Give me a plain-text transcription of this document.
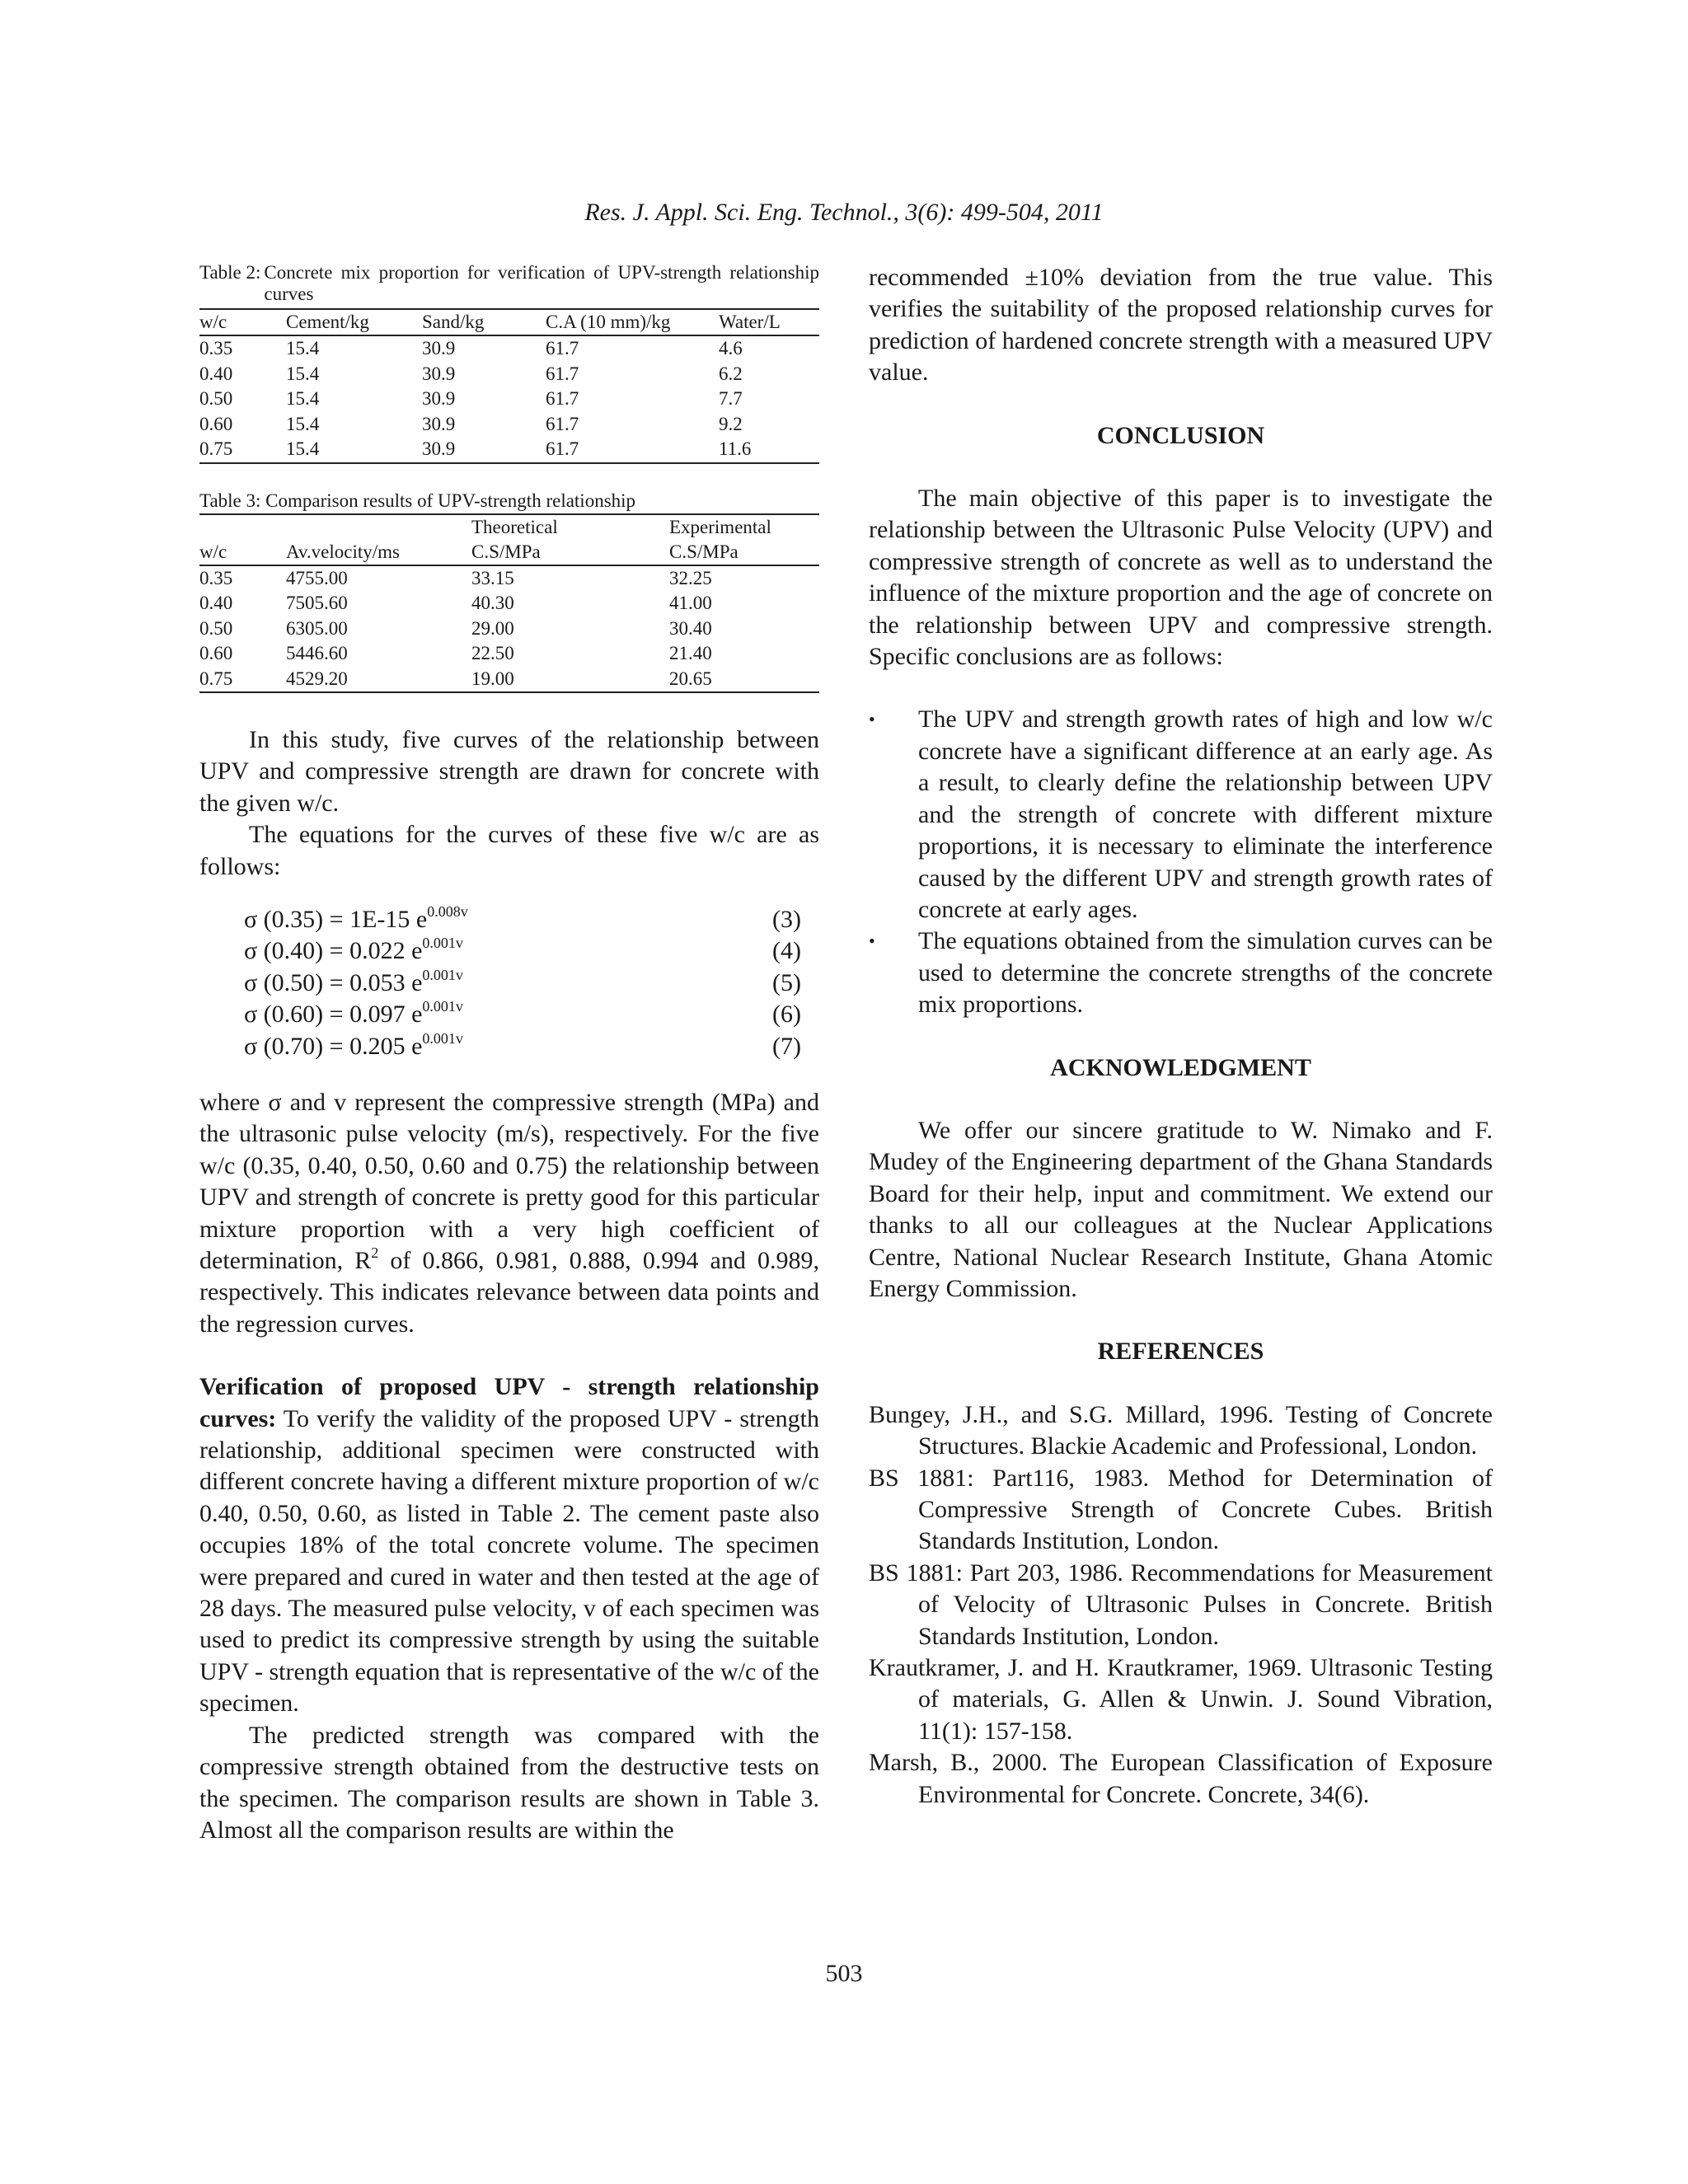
Res. J. Appl. Sci. Eng. Technol., 3(6): 499-504, 2011
Table 2: Concrete mix proportion for verification of UPV-strength relationship curves
w/c	Cement/kg	Sand/kg	C.A (10 mm)/kg	Water/L
0.35	15.4	30.9	61.7	4.6
0.40	15.4	30.9	61.7	6.2
0.50	15.4	30.9	61.7	7.7
0.60	15.4	30.9	61.7	9.2
0.75	15.4	30.9	61.7	11.6
Table 3: Comparison results of UPV-strength relationship
		Theoretical	Experimental
w/c	Av.velocity/ms	C.S/MPa	C.S/MPa
0.35	4755.00	33.15	32.25
0.40	7505.60	40.30	41.00
0.50	6305.00	29.00	30.40
0.60	5446.60	22.50	21.40
0.75	4529.20	19.00	20.65

In this study, five curves of the relationship between UPV and compressive strength are drawn for concrete with the given w/c.

The equations for the curves of these five w/c are as follows:

σ (0.35) = 1E-15 $e^{0.008v}$	(3)
σ (0.40) = 0.022 $e^{0.001v}$	(4)
σ (0.50) = 0.053 $e^{0.001v}$	(5)
σ (0.60) = 0.097 $e^{0.001v}$	(6)
σ (0.70) = 0.205 $e^{0.001v}$	(7)

where σ and v represent the compressive strength (MPa) and the ultrasonic pulse velocity (m/s), respectively. For the five w/c (0.35, 0.40, 0.50, 0.60 and 0.75) the relationship between UPV and strength of concrete is pretty good for this particular mixture proportion with a very high coefficient of determination, $R^2$ of 0.866, 0.981, 0.888, 0.994 and 0.989, respectively. This indicates relevance between data points and the regression curves.

Verification of proposed UPV - strength relationship curves: To verify the validity of the proposed UPV - strength relationship, additional specimen were constructed with different concrete having a different mixture proportion of w/c 0.40, 0.50, 0.60, as listed in Table 2. The cement paste also occupies 18% of the total concrete volume. The specimen were prepared and cured in water and then tested at the age of 28 days. The measured pulse velocity, v of each specimen was used to predict its compressive strength by using the suitable UPV - strength equation that is representative of the w/c of the specimen.

The predicted strength was compared with the compressive strength obtained from the destructive tests on the specimen. The comparison results are shown in Table 3. Almost all the comparison results are within the

recommended ±10% deviation from the true value. This verifies the suitability of the proposed relationship curves for prediction of hardened concrete strength with a measured UPV value.

CONCLUSION

The main objective of this paper is to investigate the relationship between the Ultrasonic Pulse Velocity (UPV) and compressive strength of concrete as well as to understand the influence of the mixture proportion and the age of concrete on the relationship between UPV and compressive strength. Specific conclusions are as follows:

• The UPV and strength growth rates of high and low w/c concrete have a significant difference at an early age. As a result, to clearly define the relationship between UPV and the strength of concrete with different mixture proportions, it is necessary to eliminate the interference caused by the different UPV and strength growth rates of concrete at early ages.
• The equations obtained from the simulation curves can be used to determine the concrete strengths of the concrete mix proportions.

ACKNOWLEDGMENT

We offer our sincere gratitude to W. Nimako and F. Mudey of the Engineering department of the Ghana Standards Board for their help, input and commitment. We extend our thanks to all our colleagues at the Nuclear Applications Centre, National Nuclear Research Institute, Ghana Atomic Energy Commission.

REFERENCES

Bungey, J.H., and S.G. Millard, 1996. Testing of Concrete Structures. Blackie Academic and Professional, London.

BS 1881: Part116, 1983. Method for Determination of Compressive Strength of Concrete Cubes. British Standards Institution, London.

BS 1881: Part 203, 1986. Recommendations for Measurement of Velocity of Ultrasonic Pulses in Concrete. British Standards Institution, London.

Krautkramer, J. and H. Krautkramer, 1969. Ultrasonic Testing of materials, G. Allen & Unwin. J. Sound Vibration, 11(1): 157-158.

Marsh, B., 2000. The European Classification of Exposure Environmental for Concrete. Concrete, 34(6).

503
